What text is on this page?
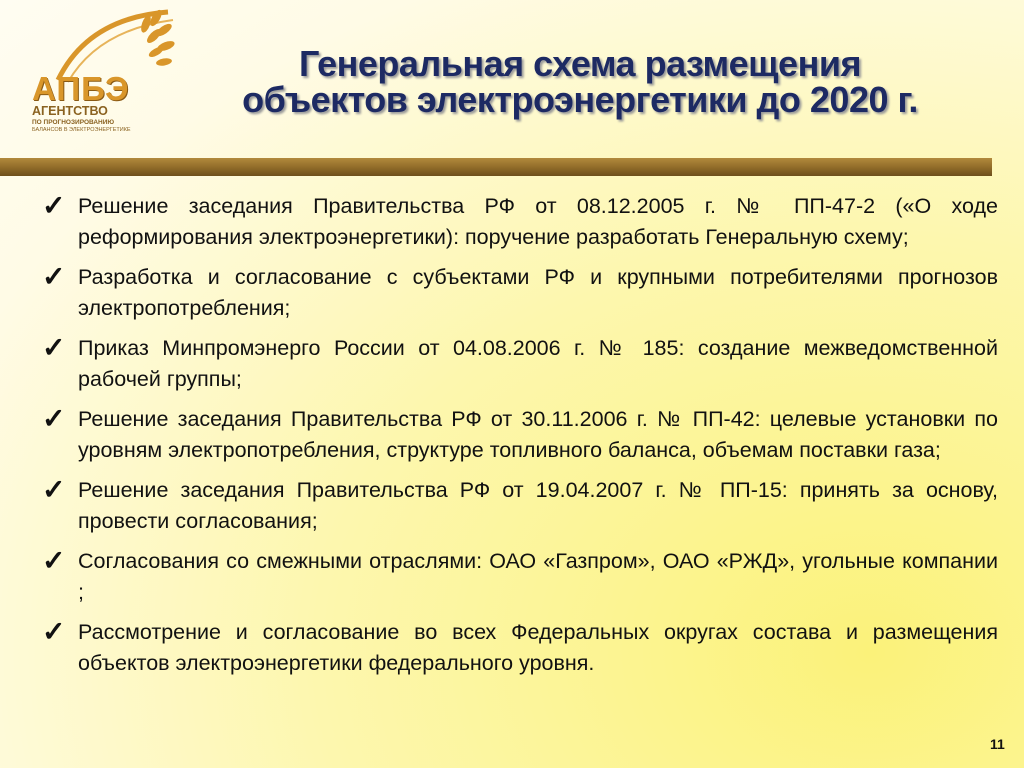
АПБЭ
АГЕНТСТВО
ПО ПРОГНОЗИРОВАНИЮ
БАЛАНСОВ В ЭЛЕКТРОЭНЕРГЕТИКЕ
Генеральная схема размещения
объектов электроэнергетики до 2020 г.
✓ Решение заседания Правительства РФ от 08.12.2005 г. № ПП-47-2 («О ходе реформирования электроэнергетики): поручение разработать Генеральную схему;
✓ Разработка и согласование с субъектами РФ и крупными потребителями прогнозов электропотребления;
✓ Приказ Минпромэнерго России от 04.08.2006 г. № 185: создание межведомственной рабочей группы;
✓ Решение заседания Правительства РФ от 30.11.2006 г. № ПП-42: целевые установки по уровням электропотребления, структуре топливного баланса, объемам поставки газа;
✓ Решение заседания Правительства РФ от 19.04.2007 г. № ПП-15: принять за основу, провести согласования;
✓ Согласования со смежными отраслями: ОАО «Газпром», ОАО «РЖД», угольные компании ;
✓ Рассмотрение и согласование во всех Федеральных округах состава и размещения объектов электроэнергетики федерального уровня.
11
